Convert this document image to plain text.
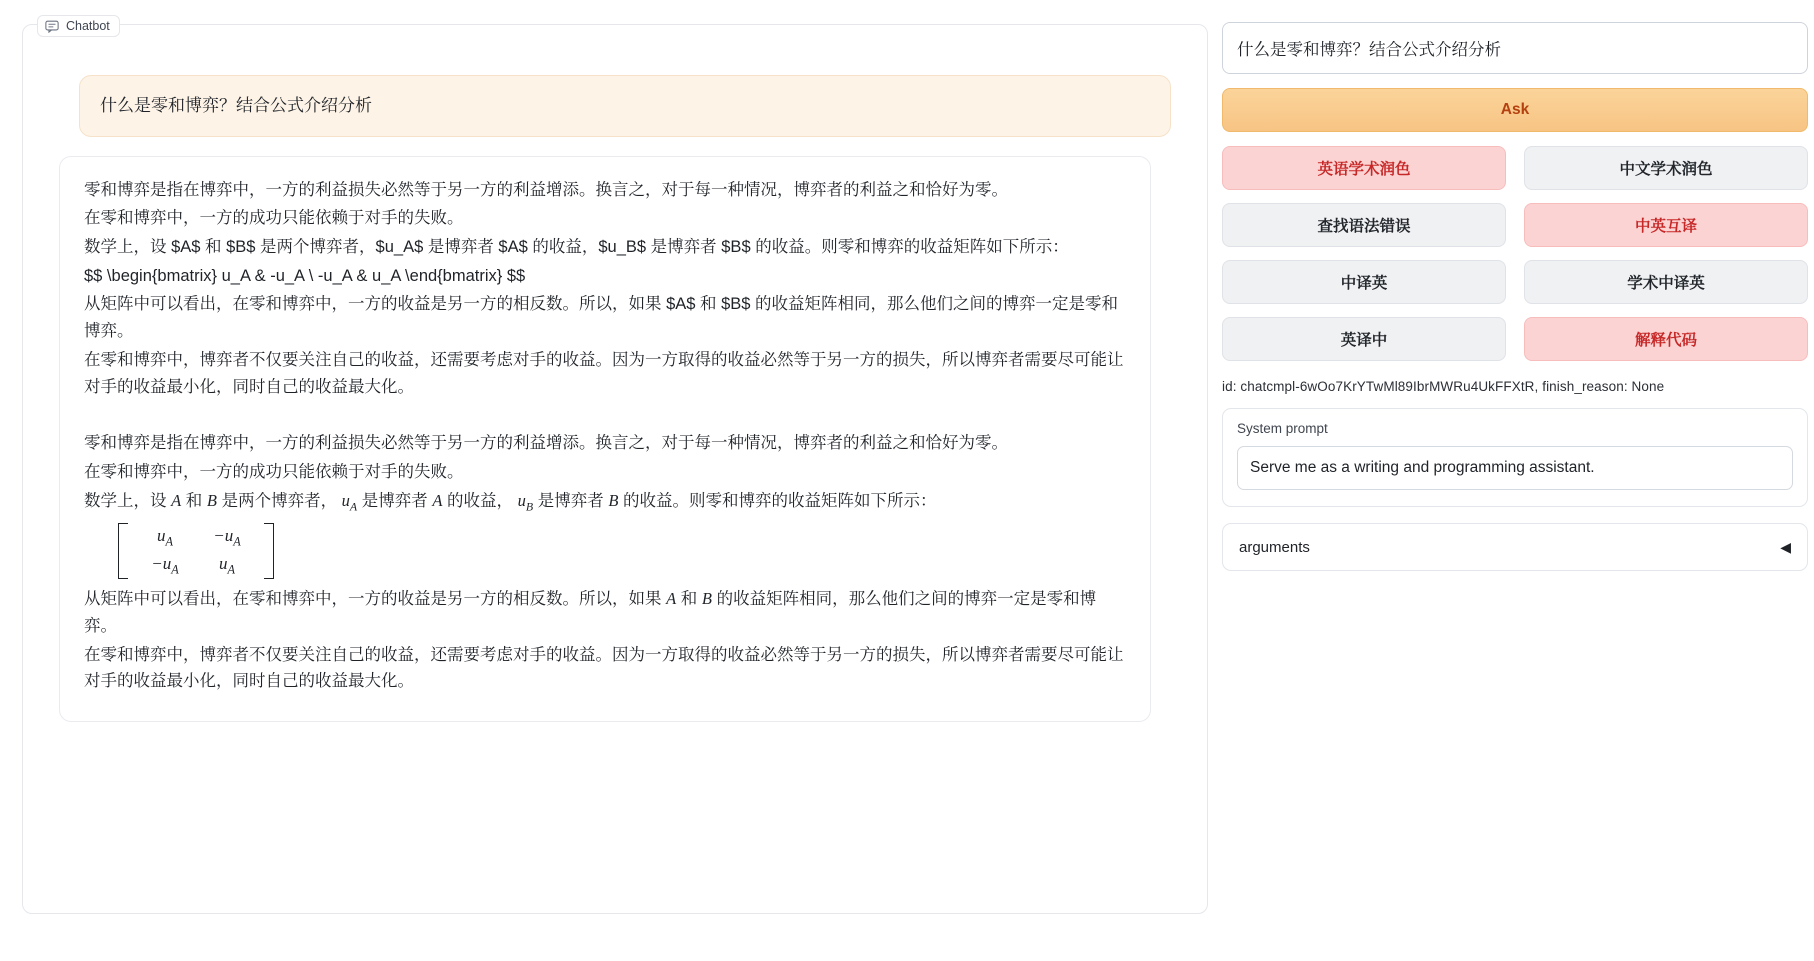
Chatbot
什么是零和博弈？结合公式介绍分析

零和博弈是指在博弈中，一方的利益损失必然等于另一方的利益增添。换言之，对于每一种情况，博弈者的利益之和恰好为零。

在零和博弈中，一方的成功只能依赖于对手的失败。

数学上，设 $A$ 和 $B$ 是两个博弈者，$u_A$ 是博弈者 $A$ 的收益，$u_B$ 是博弈者 $B$ 的收益。则零和博弈的收益矩阵如下所示：

$$ \begin{bmatrix} u_A & -u_A \ -u_A & u_A \end{bmatrix} $$

从矩阵中可以看出，在零和博弈中，一方的收益是另一方的相反数。所以，如果 $A$ 和 $B$ 的收益矩阵相同，那么他们之间的博弈一定是零和博弈。

在零和博弈中，博弈者不仅要关注自己的收益，还需要考虑对手的收益。因为一方取得的收益必然等于另一方的损失，所以博弈者需要尽可能让对手的收益最小化，同时自己的收益最大化。

零和博弈是指在博弈中，一方的利益损失必然等于另一方的利益增添。换言之，对于每一种情况，博弈者的利益之和恰好为零。

在零和博弈中，一方的成功只能依赖于对手的失败。

数学上，设 A 和 B 是两个博弈者， $u_A$ 是博弈者 A 的收益， $u_B$ 是博弈者 B 的收益。则零和博弈的收益矩阵如下所示：

$u_A -u_A$
$-u_A$ $u_A$

从矩阵中可以看出，在零和博弈中，一方的收益是另一方的相反数。所以，如果 A 和 B 的收益矩阵相同，那么他们之间的博弈一定是零和博弈。

在零和博弈中，博弈者不仅要关注自己的收益，还需要考虑对手的收益。因为一方取得的收益必然等于另一方的损失，所以博弈者需要尽可能让对手的收益最小化，同时自己的收益最大化。

什么是零和博弈？结合公式介绍分析 Ask
英语学术润色	中文学术润色
查找语法错误	中英互译
中译英	学术中译英
英译中	解释代码
id: chatcmpl-6wOo7KrYTwMl89IbrMWRu4UkFFXtR, finish_reason: None
System prompt
Serve me as a writing and programming assistant.
arguments	◀
